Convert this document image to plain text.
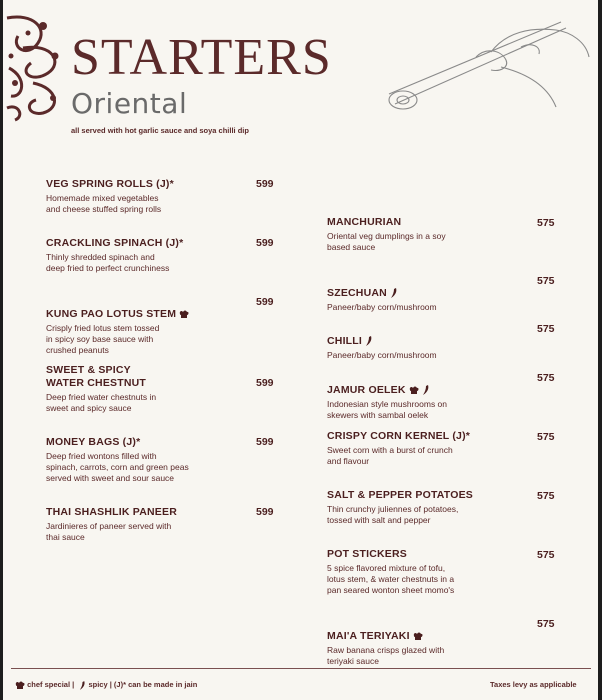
STARTERS
Oriental
all served with hot garlic sauce and soya chilli dip
VEG SPRING ROLLS (J)*
Homemade mixed vegetables
and cheese stuffed spring rolls
599
CRACKLING SPINACH (J)*
Thinly shredded spinach and
deep fried to perfect crunchiness
599

KUNG PAO LOTUS STEM

Crisply fried lotus stem tossed
in spicy soy base sauce with
crushed peanuts
599
SWEET & SPICY
WATER CHESTNUT
Deep fried water chestnuts in
sweet and spicy sauce
599
MONEY BAGS (J)*
Deep fried wontons filled with
spinach, carrots, corn and green peas
served with sweet and sour sauce
599
THAI SHASHLIK PANEER
Jardinieres of paneer served with
thai sauce
599
MANCHURIAN
Oriental veg dumplings in a soy
based sauce
575

SZECHUAN

Paneer/baby corn/mushroom
575

CHILLI

Paneer/baby corn/mushroom
575

JAMUR OELEK

Indonesian style mushrooms on
skewers with sambal oelek
575
CRISPY CORN KERNEL (J)*
Sweet corn with a burst of crunch
and flavour
575
SALT & PEPPER POTATOES
Thin crunchy juliennes of potatoes,
tossed with salt and pepper
575
POT STICKERS
5 spice flavored mixture of tofu,
lotus stem, & water chestnuts in a
pan seared wonton sheet momo's
575

MAI'A TERIYAKI

Raw banana crisps glazed with
teriyaki sauce
575
chef special | spicy | (J)* can be made in jain	Taxes levy as applicable
